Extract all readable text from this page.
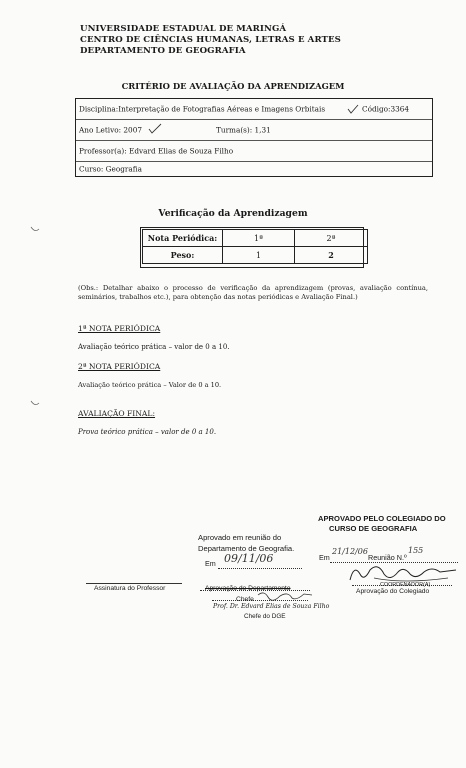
UNIVERSIDADE ESTADUAL DE MARINGÁ
CENTRO DE CIÊNCIAS HUMANAS, LETRAS E ARTES
DEPARTAMENTO DE GEOGRAFIA
CRITÉRIO DE AVALIAÇÃO DA APRENDIZAGEM
Disciplina:Interpretação de Fotografias Aéreas e Imagens Orbitais	Código:3364
Ano Letivo: 2007	Turma(s): 1,31
Professor(a): Edvard Elias de Souza Filho
Curso: Geografia
Verificação da Aprendizagem
Nota Periódica:	1ª	2ª
Peso:	1	2
(Obs.: Detalhar abaixo o processo de verificação da aprendizagem (provas, avaliação contínua, seminários, trabalhos etc.), para obtenção das notas periódicas e Avaliação Final.)
1ª NOTA PERIÓDICA
Avaliação teórico prática – valor de 0 a 10.
2ª NOTA PERIÓDICA
Avaliação teórico prática – Valor de 0 a 10.
AVALIAÇÃO FINAL:
Prova teórico prática – valor de 0 a 10.
APROVADO PELO COLEGIADO DO
CURSO DE GEOGRAFIA
Aprovado em reunião do
Departamento de Geografia.
Em 09/11/06	Em
21/12/06
Reunião N.º
155
Assinatura do Professor	Aprovação do Departamento
Chefe
Prof. Dr. Edvard Elias de Souza Filho
Chefe do DGE
COORDENADOR(A)
Aprovação do Colegiado
